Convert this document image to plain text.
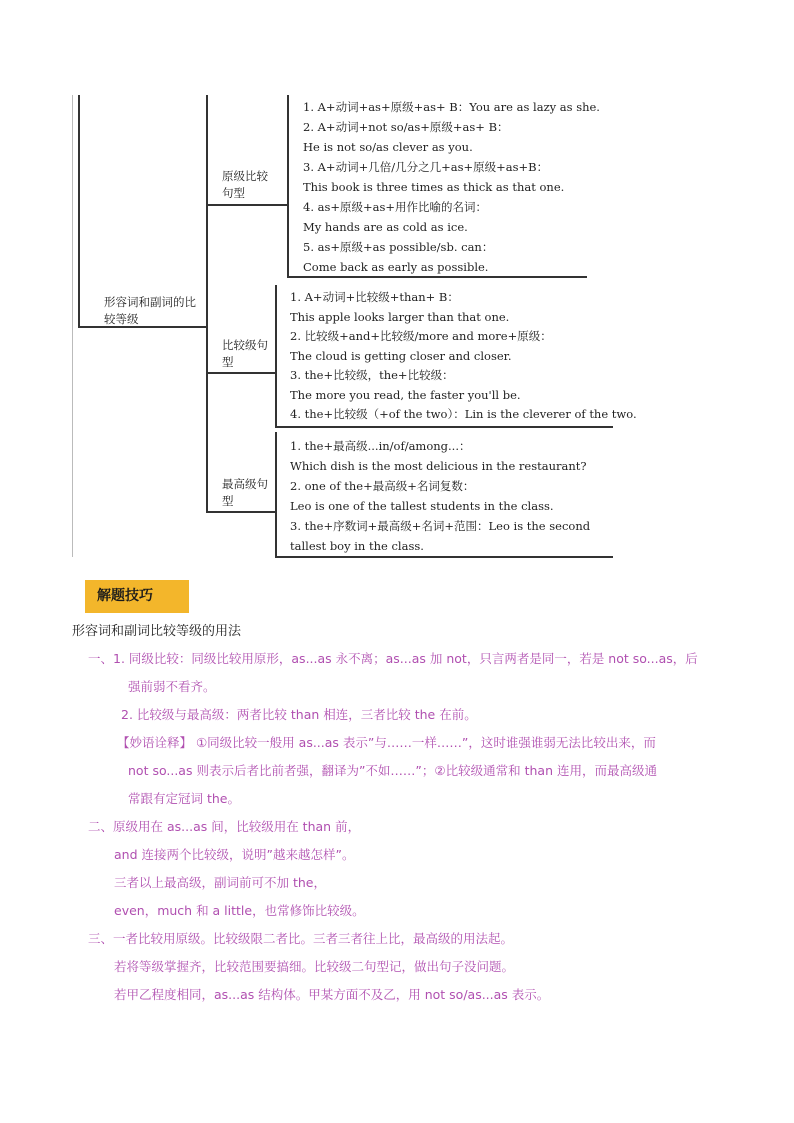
形容词和副词的比较等级
原级比较句型
1. A+动词+as+原级+as+ B：You are as lazy as she.
2. A+动词+not so/as+原级+as+ B：
He is not so/as clever as you.
3. A+动词+几倍/几分之几+as+原级+as+B：
This book is three times as thick as that one.
4. as+原级+as+用作比喻的名词：
My hands are as cold as ice.
5. as+原级+as possible/sb. can：
Come back as early as possible.
比较级句型
1. A+动词+比较级+than+ B：
This apple looks larger than that one.
2. 比较级+and+比较级/more and more+原级：
The cloud is getting closer and closer.
3. the+比较级，the+比较级：
The more you read, the faster you'll be.
4. the+比较级（+of the two）：Lin is the cleverer of the two.
最高级句型
1. the+最高级...in/of/among...：
Which dish is the most delicious in the restaurant?
2. one of the+最高级+名词复数：
Leo is one of the tallest students in the class.
3. the+序数词+最高级+名词+范围：Leo is the second
tallest boy in the class.
解题技巧
形容词和副词比较等级的用法
一、1. 同级比较：同级比较用原形，as...as 永不离；as...as 加 not，只言两者是同一，若是 not so...as，后
强前弱不看齐。
2. 比较级与最高级：两者比较 than 相连，三者比较 the 在前。
【妙语诠释】 ①同级比较一般用 as...as 表示”与……一样……”，这时谁强谁弱无法比较出来，而
not so...as 则表示后者比前者强，翻译为”不如……”；②比较级通常和 than 连用，而最高级通
常跟有定冠词 the。
二、原级用在 as...as 间，比较级用在 than 前，
and 连接两个比较级，说明”越来越怎样”。
三者以上最高级，副词前可不加 the，
even，much 和 a little，也常修饰比较级。
三、一者比较用原级。比较级限二者比。三者三者往上比，最高级的用法起。
若将等级掌握齐，比较范围要搞细。比较级二句型记，做出句子没问题。
若甲乙程度相同，as...as 结构体。甲某方面不及乙，用 not so/as...as 表示。
